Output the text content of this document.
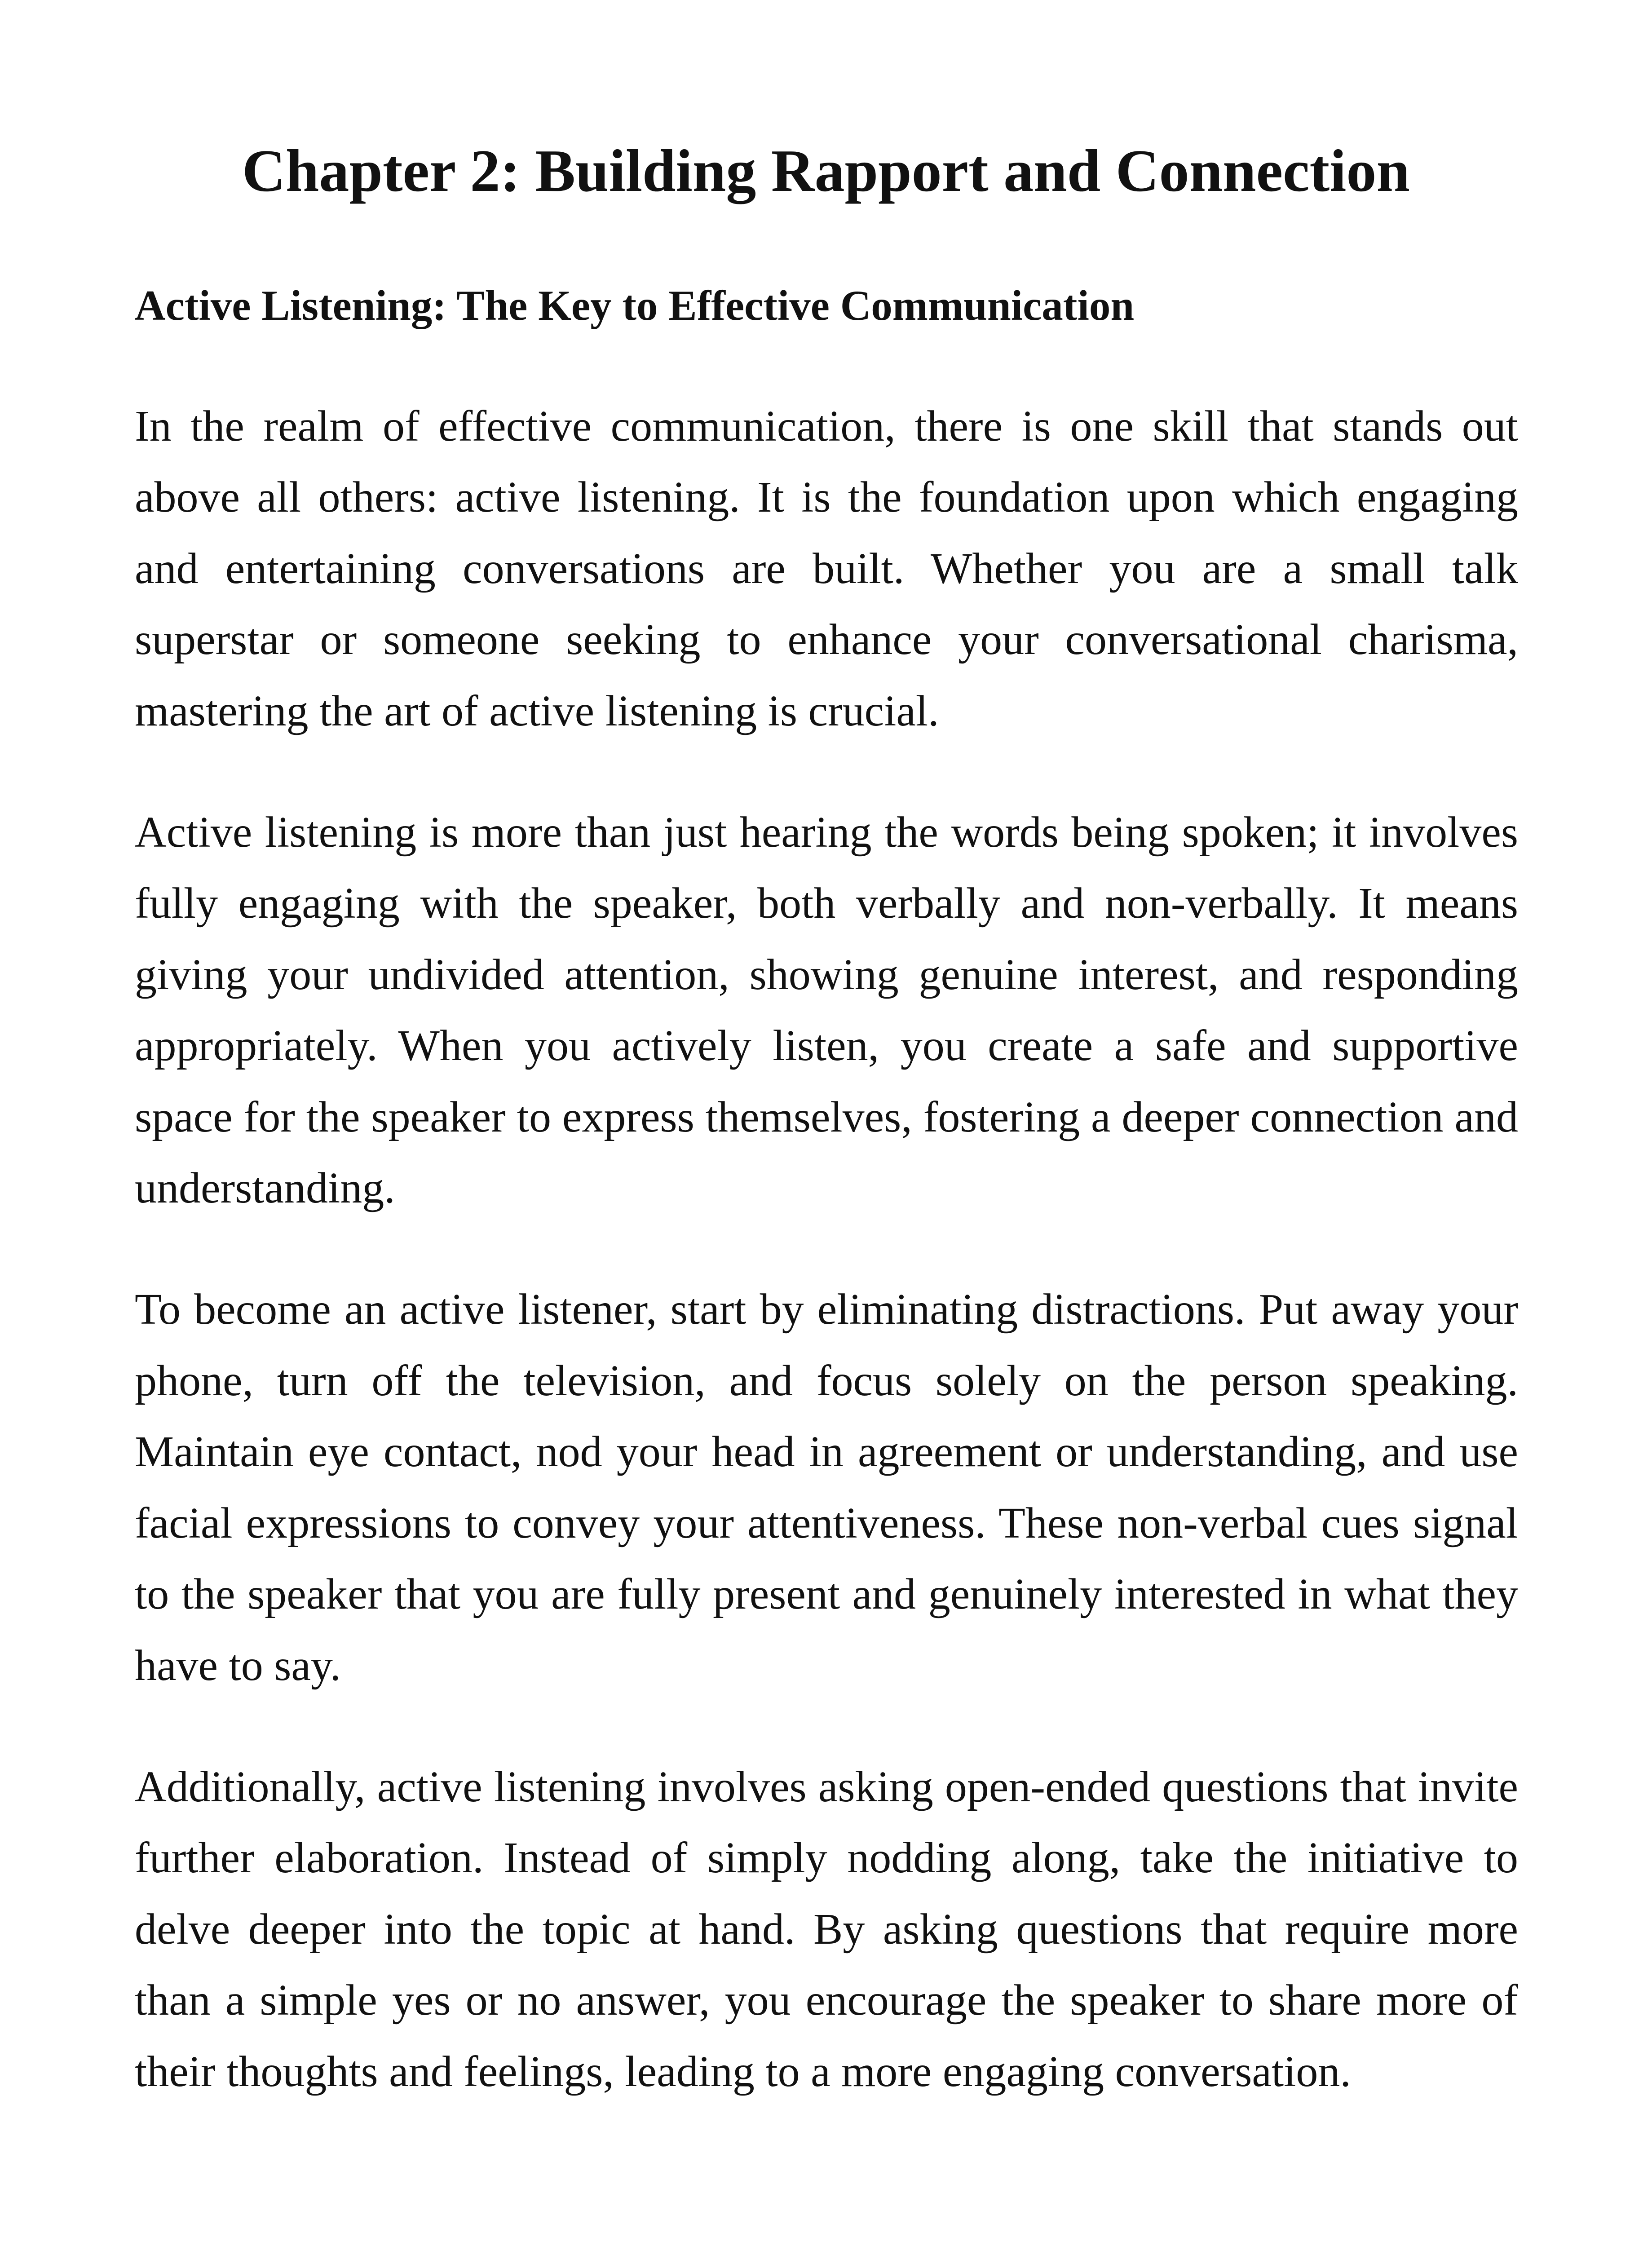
Chapter 2: Building Rapport and Connection
Active Listening: The Key to Effective Communication

In the realm of effective communication, there is one skill that stands out above all others: active listening. It is the foundation upon which engaging and entertaining conversations are built. Whether you are a small talk superstar or someone seeking to enhance your conversational charisma, mastering the art of active listening is crucial.

Active listening is more than just hearing the words being spoken; it involves fully engaging with the speaker, both verbally and non-verbally. It means giving your undivided attention, showing genuine interest, and responding appropriately. When you actively listen, you create a safe and supportive space for the speaker to express themselves, fostering a deeper connection and understanding.

To become an active listener, start by eliminating distractions. Put away your phone, turn off the television, and focus solely on the person speaking. Maintain eye contact, nod your head in agreement or understanding, and use facial expressions to convey your attentiveness. These non-verbal cues signal to the speaker that you are fully present and genuinely interested in what they have to say.

Additionally, active listening involves asking open-ended questions that invite further elaboration. Instead of simply nodding along, take the initiative to delve deeper into the topic at hand. By asking questions that require more than a simple yes or no answer, you encourage the speaker to share more of their thoughts and feelings, leading to a more engaging conversation.
